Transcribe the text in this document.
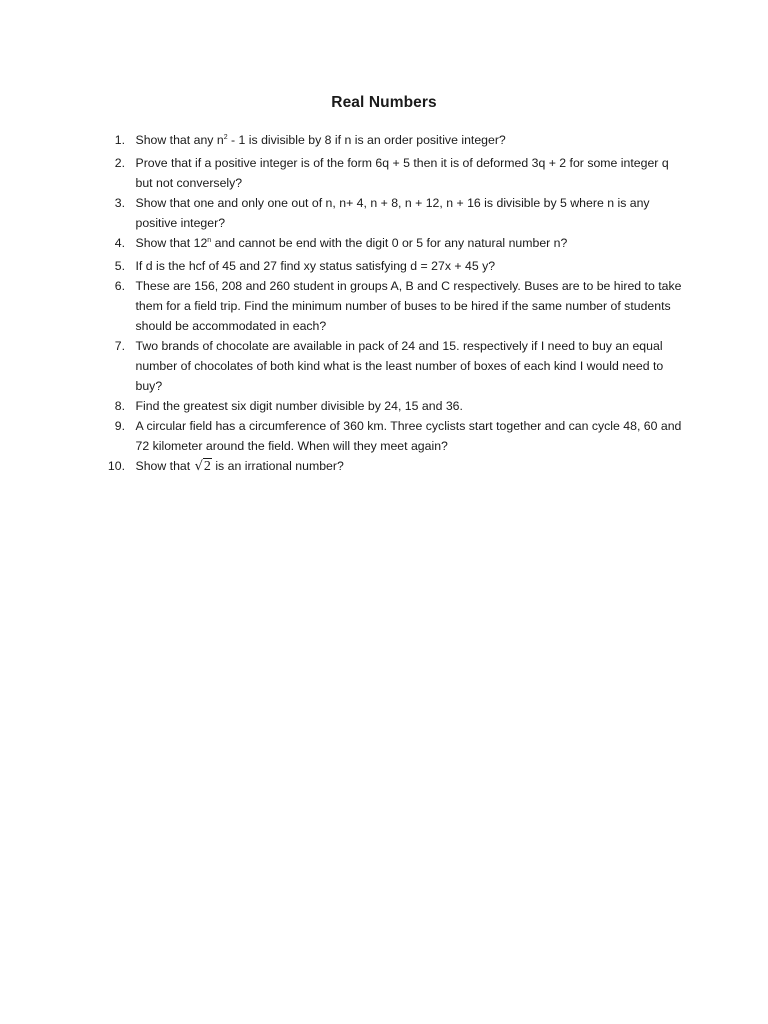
Real Numbers
1. Show that any $n^2 - 1$ is divisible by 8 if n is an order positive integer?
2. Prove that if a positive integer is of the form 6q + 5 then it is of deformed 3q + 2 for some integer q but not conversely?
3. Show that one and only one out of n, n+ 4, n + 8, n + 12, n + 16 is divisible by 5 where n is any positive integer?
4. Show that 12$^n$ and cannot be end with the digit 0 or 5 for any natural number n?
5. If d is the hcf of 45 and 27 find xy status satisfying d = 27x + 45 y?
6. These are 156, 208 and 260 student in groups A, B and C respectively. Buses are to be hired to take them for a field trip. Find the minimum number of buses to be hired if the same number of students should be accommodated in each?
7. Two brands of chocolate are available in pack of 24 and 15. respectively if I need to buy an equal number of chocolates of both kind what is the least number of boxes of each kind I would need to buy?
8. Find the greatest six digit number divisible by 24, 15 and 36.
9. A circular field has a circumference of 360 km. Three cyclists start together and can cycle 48, 60 and 72 kilometer around the field. When will they meet again?
10. Show that √2 is an irrational number?
